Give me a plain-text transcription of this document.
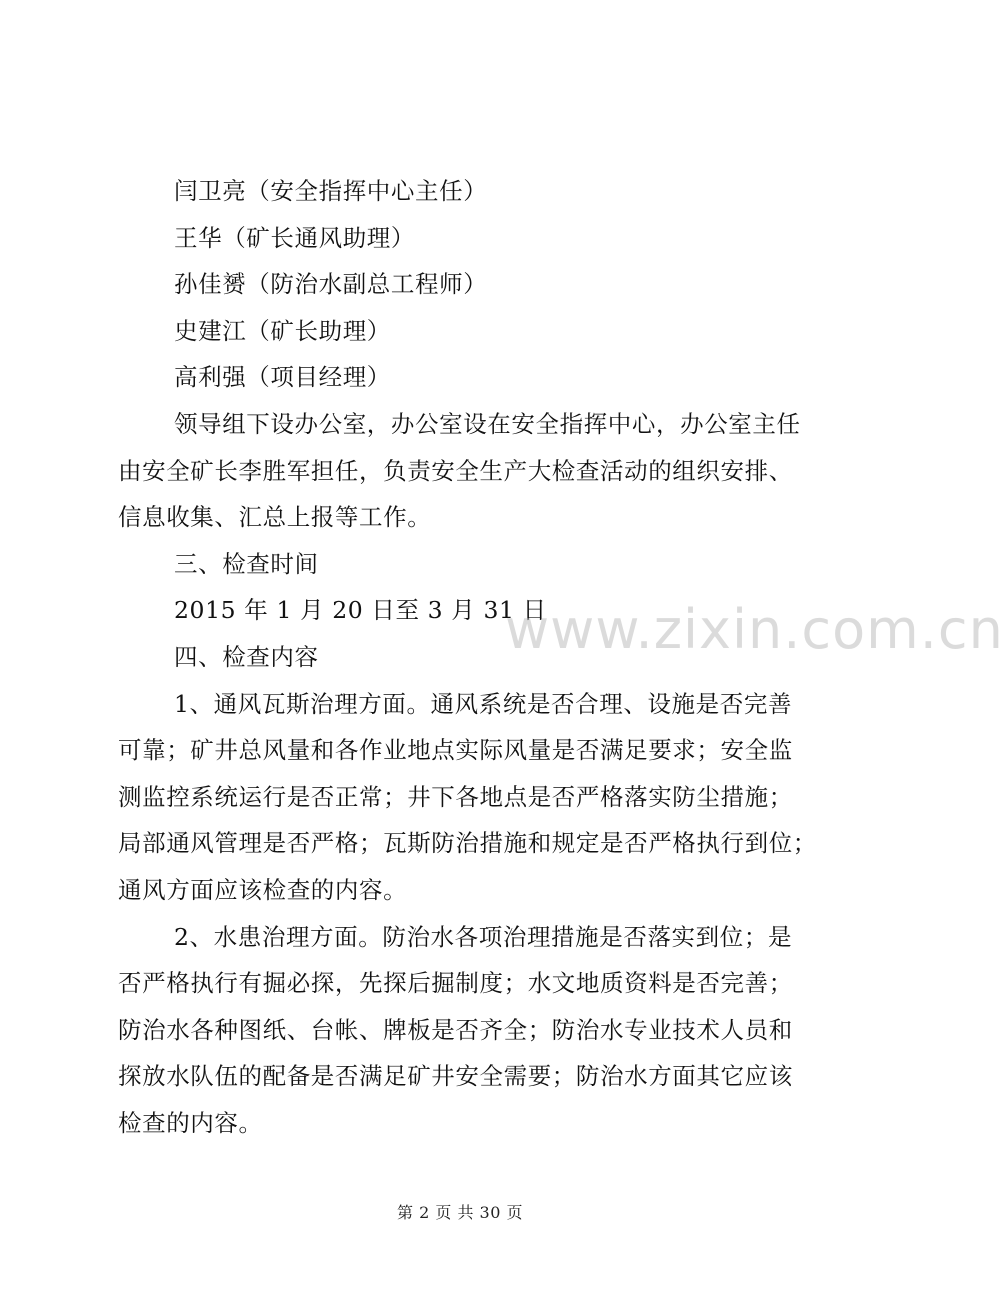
闫卫亮（安全指挥中心主任）
王华（矿长通风助理）
孙佳赟（防治水副总工程师）
史建江（矿长助理）
高利强（项目经理）
领导组下设办公室，办公室设在安全指挥中心，办公室主任
由安全矿长李胜军担任，负责安全生产大检查活动的组织安排、
信息收集、汇总上报等工作。
三、检查时间
2015 年 1 月 20 日至 3 月 31 日
四、检查内容
1、通风瓦斯治理方面。通风系统是否合理、设施是否完善
可靠；矿井总风量和各作业地点实际风量是否满足要求；安全监
测监控系统运行是否正常；井下各地点是否严格落实防尘措施；
局部通风管理是否严格；瓦斯防治措施和规定是否严格执行到位；
通风方面应该检查的内容。
2、水患治理方面。防治水各项治理措施是否落实到位；是
否严格执行有掘必探，先探后掘制度；水文地质资料是否完善；
防治水各种图纸、台帐、牌板是否齐全；防治水专业技术人员和
探放水队伍的配备是否满足矿井安全需要；防治水方面其它应该
检查的内容。
www.zixin.com.cn
第 2 页 共 30 页
